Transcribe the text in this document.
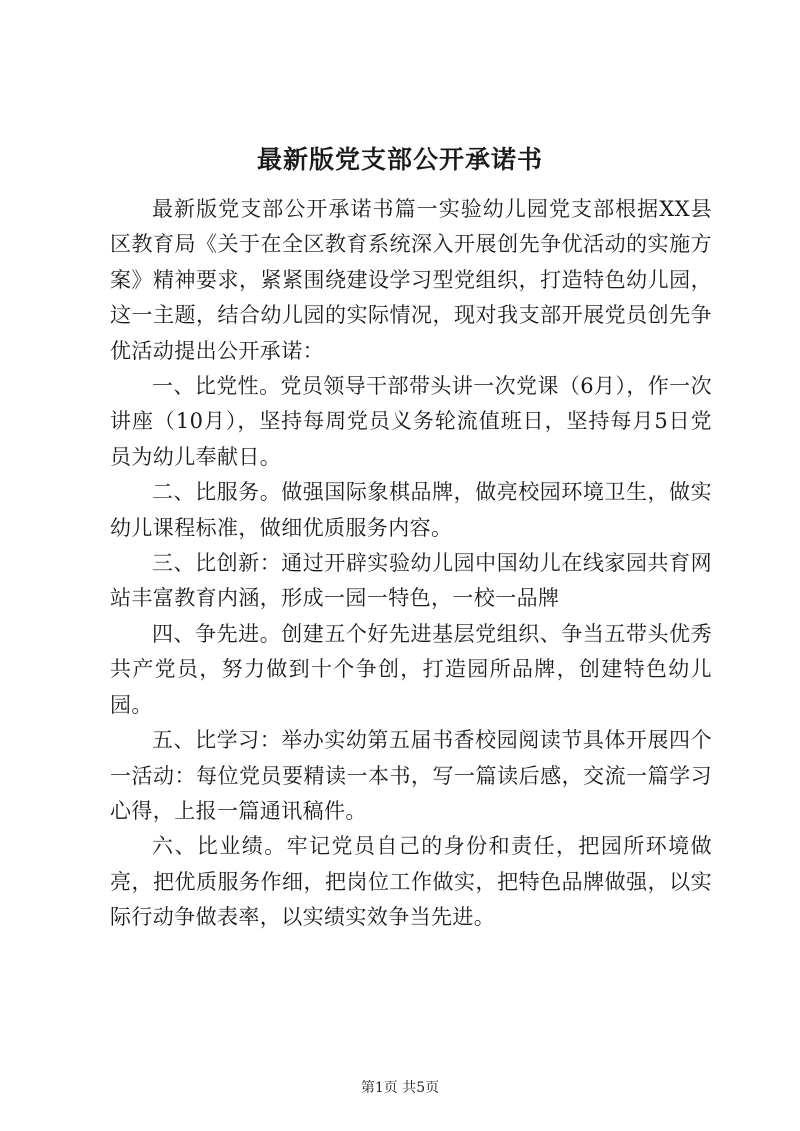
最新版党支部公开承诺书

最新版党支部公开承诺书篇一实验幼儿园党支部根据XX县区教育局《关于在全区教育系统深入开展创先争优活动的实施方案》精神要求，紧紧围绕建设学习型党组织，打造特色幼儿园，这一主题，结合幼儿园的实际情况，现对我支部开展党员创先争优活动提出公开承诺：

一、比党性。党员领导干部带头讲一次党课（6月），作一次讲座（10月），坚持每周党员义务轮流值班日，坚持每月5日党员为幼儿奉献日。

二、比服务。做强国际象棋品牌，做亮校园环境卫生，做实幼儿课程标准，做细优质服务内容。

三、比创新：通过开辟实验幼儿园中国幼儿在线家园共育网站丰富教育内涵，形成一园一特色，一校一品牌

四、争先进。创建五个好先进基层党组织、争当五带头优秀共产党员，努力做到十个争创，打造园所品牌，创建特色幼儿园。

五、比学习：举办实幼第五届书香校园阅读节具体开展四个一活动：每位党员要精读一本书，写一篇读后感，交流一篇学习心得，上报一篇通讯稿件。

六、比业绩。牢记党员自己的身份和责任，把园所环境做亮，把优质服务作细，把岗位工作做实，把特色品牌做强，以实际行动争做表率，以实绩实效争当先进。

第1页 共5页
